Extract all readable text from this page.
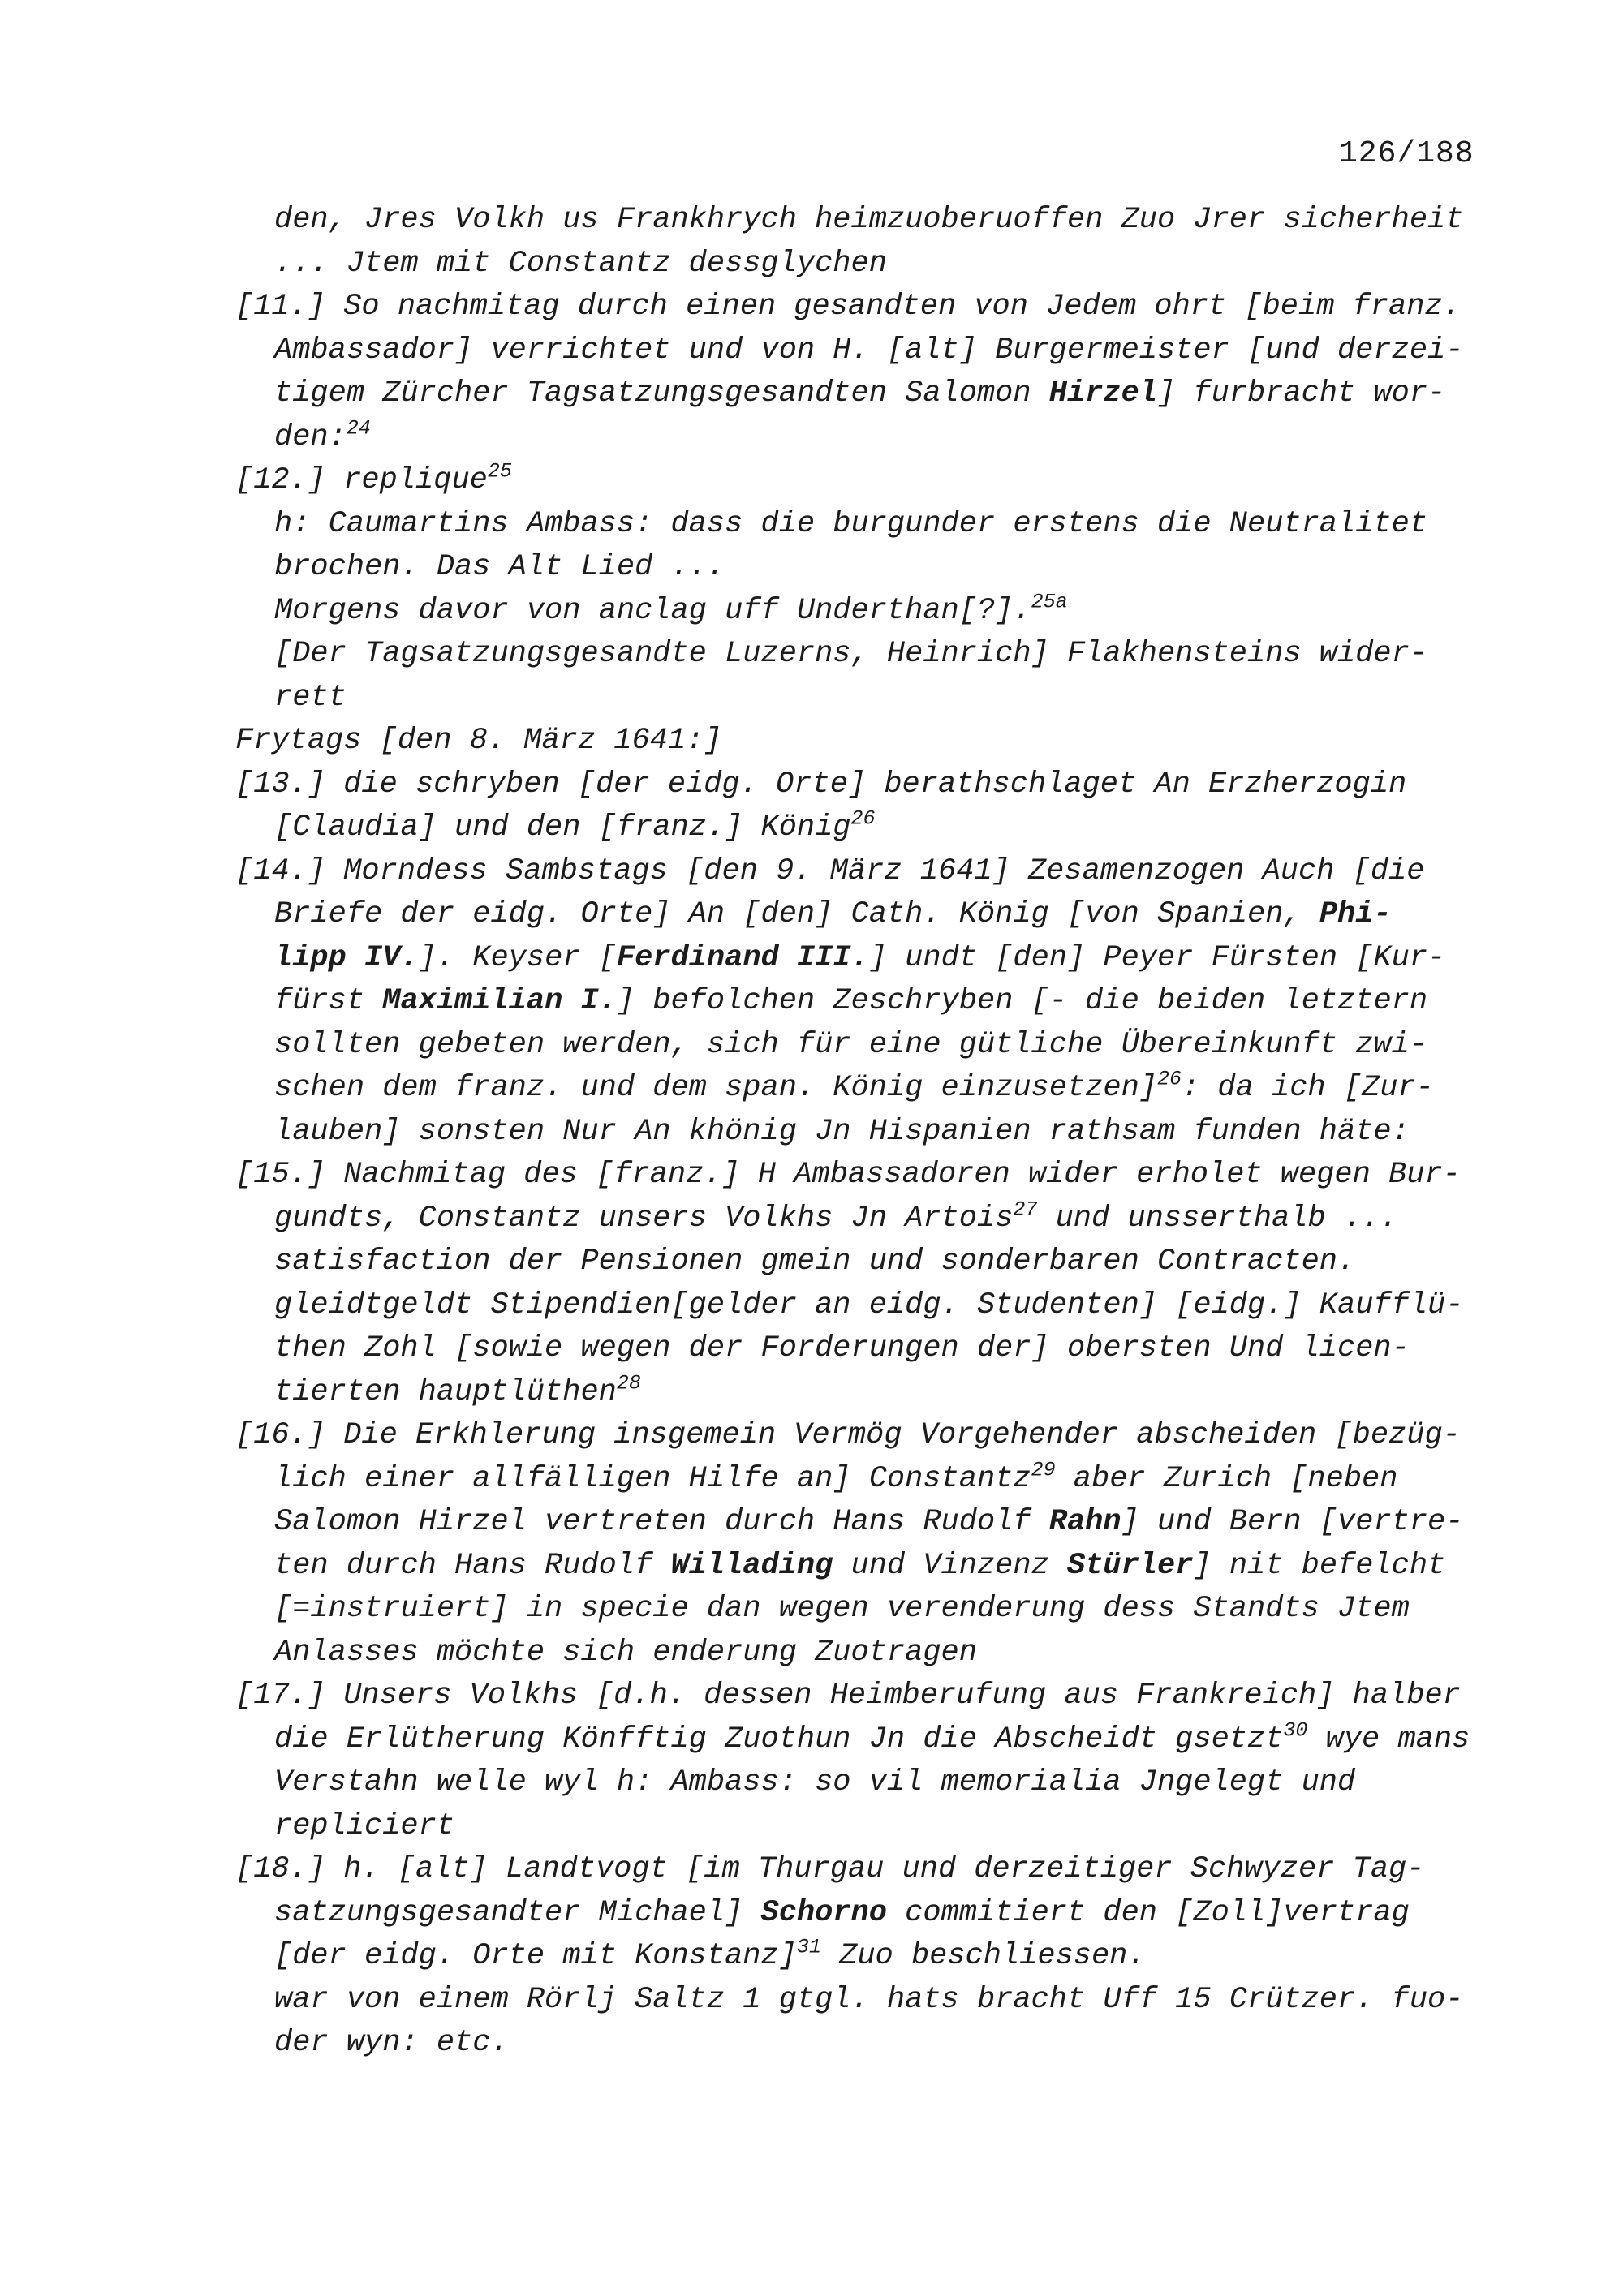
126/188

den, Jres Volkh us Frankhrych heimzuoberuoffen Zuo Jrer sicherheit

... Jtem mit Constantz dessglychen

[11.] So nachmitag durch einen gesandten von Jedem ohrt [beim franz. Ambassador] verrichtet und von H. [alt] Burgermeister [und derzei- tigem Zürcher Tagsatzungsgesandten Salomon Hirzel] furbracht wor- den:$^{24}$

[12.] replique$^{25}$

h: Caumartins Ambass: dass die burgunder erstens die Neutralitet brochen. Das Alt Lied ...

Morgens davor von anclag uff Underthan[?].$^{25a}$

[Der Tagsatzungsgesandte Luzerns, Heinrich] Flakhensteins wider- rett

Frytags [den 8. März 1641:]

[13.] die schryben [der eidg. Orte] berathschlaget An Erzherzogin [Claudia] und den [franz.] König$^{26}$

[14.] Morndess Sambstags [den 9. März 1641] Zesamenzogen Auch [die Briefe der eidg. Orte] An [den] Cath. König [von Spanien, Phi- lipp IV.]. Keyser [Ferdinand III.] undt [den] Peyer Fürsten [Kur- fürst Maximilian I.] befolchen Zeschryben [- die beiden letztern sollten gebeten werden, sich für eine gütliche Übereinkunft zwi- schen dem franz. und dem span. König einzusetzen]$^{26}$: da ich [Zur- lauben] sonsten Nur An khönig Jn Hispanien rathsam funden häte:

[15.] Nachmitag des [franz.] H Ambassadoren wider erholet wegen Bur- gundts, Constantz unsers Volkhs Jn Artois$^{27}$ und unsserthalb ... satisfaction der Pensionen gmein und sonderbaren Contracten. gleidtgeldt Stipendien[gelder an eidg. Studenten] [eidg.] Kaufflü- then Zohl [sowie wegen der Forderungen der] obersten Und licen- tierten hauptlüthen$^{28}$

[16.] Die Erkhlerung insgemein Vermög Vorgehender abscheiden [bezüg- lich einer allfälligen Hilfe an] Constantz$^{29}$ aber Zurich [neben Salomon Hirzel vertreten durch Hans Rudolf Rahn] und Bern [vertre- ten durch Hans Rudolf Willading und Vinzenz Stürler] nit befelcht [=instruiert] in specie dan wegen verenderung dess Standts Jtem Anlasses möchte sich enderung Zuotragen

[17.] Unsers Volkhs [d.h. dessen Heimberufung aus Frankreich] halber die Erlütherung Könfftig Zuothun Jn die Abscheidt gsetzt$^{30}$ wye mans Verstahn welle wyl h: Ambass: so vil memorialia Jngelegt und repliciert

[18.] h. [alt] Landtvogt [im Thurgau und derzeitiger Schwyzer Tag- satzungsgesandter Michael] Schorno commitiert den [Zoll]vertrag [der eidg. Orte mit Konstanz]$^{31}$ Zuo beschliessen.

war von einem Rörlj Saltz 1 gtgl. hats bracht Uff 15 Crützer. fuo- der wyn: etc.
